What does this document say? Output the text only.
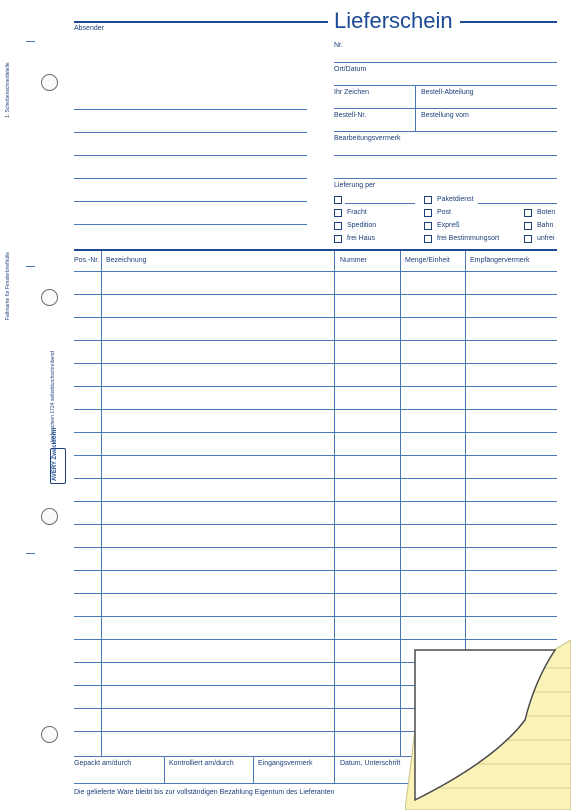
Lieferschein
1. Scheibenschneidetelle
Faltmarke für Fensterbriefhülle
Lieferschein 1724 selbstdurchschreibend
AVERY Zweckform
Absender
Nr.
Ort/Datum
Ihr Zeichen	Bestell-Abteilung
Bestell-Nr.	Bestellung vom
Bearbeitungsvermerk
Lieferung per
Fracht
Spedition
frei Haus
Paketdienst
Post
Expreß
frei Bestimmungsort
Boten
Bahn
unfrei
Pos.-Nr. Bezeichnung	Nummer	Menge/Einheit	Empfängervermerk
Gepackt am/durch	Kontrolliert am/durch	Eingangsvermerk	Datum, Unterschrift
Die gelieferte Ware bleibt bis zur vollständigen Bezahlung Eigentum des Lieferanten
